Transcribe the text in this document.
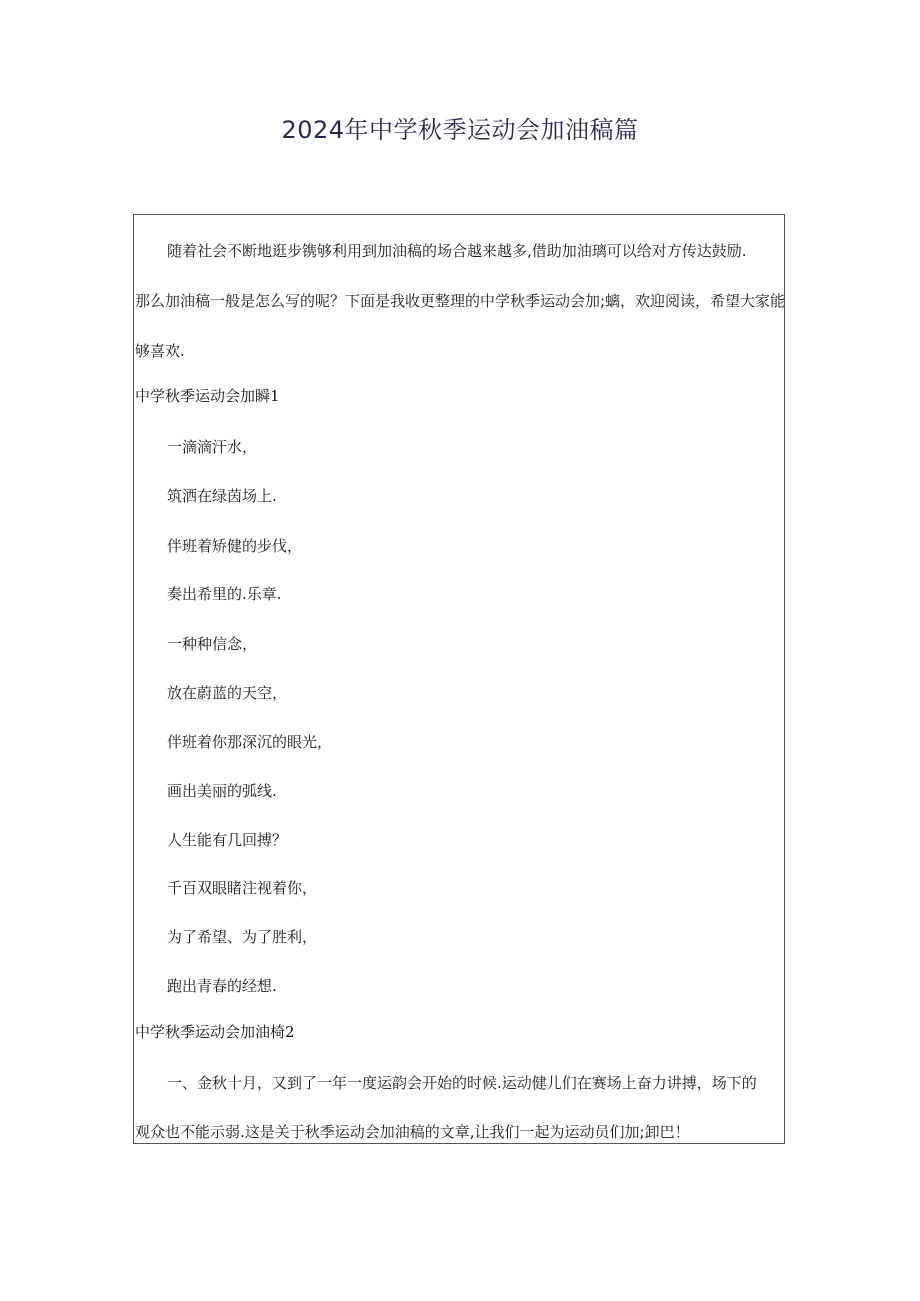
2024年中学秋季运动会加油稿篇
随着社会不断地逛步镌够利用到加油稿的场合越来越多,借助加油璃可以给对方传达鼓励.
那么加油稿一般是怎么写的呢？下面是我收更整理的中学秋季运动会加;螭，欢迎阅读，希望大家能
够喜欢.
中学秋季运动会加瞬1
一滴滴汗水，
筑洒在绿茵场上.
伴班着矫健的步伐，
奏出希里的.乐章.
一种种信念，
放在蔚蓝的天空，
伴班着你那深沉的眼光，
画出美丽的弧线.
人生能有几回搏？
千百双眼睹注视着你，
为了希望、为了胜利，
跑出青春的经想.
中学秋季运动会加油椅2
一、金秋十月，又到了一年一度运韵会开始的时候.运动健儿们在赛场上奋力讲搏，场下的
观众也不能示弱.这是关于秋季运动会加油稿的文章,让我们一起为运动员们加;卸巴！
